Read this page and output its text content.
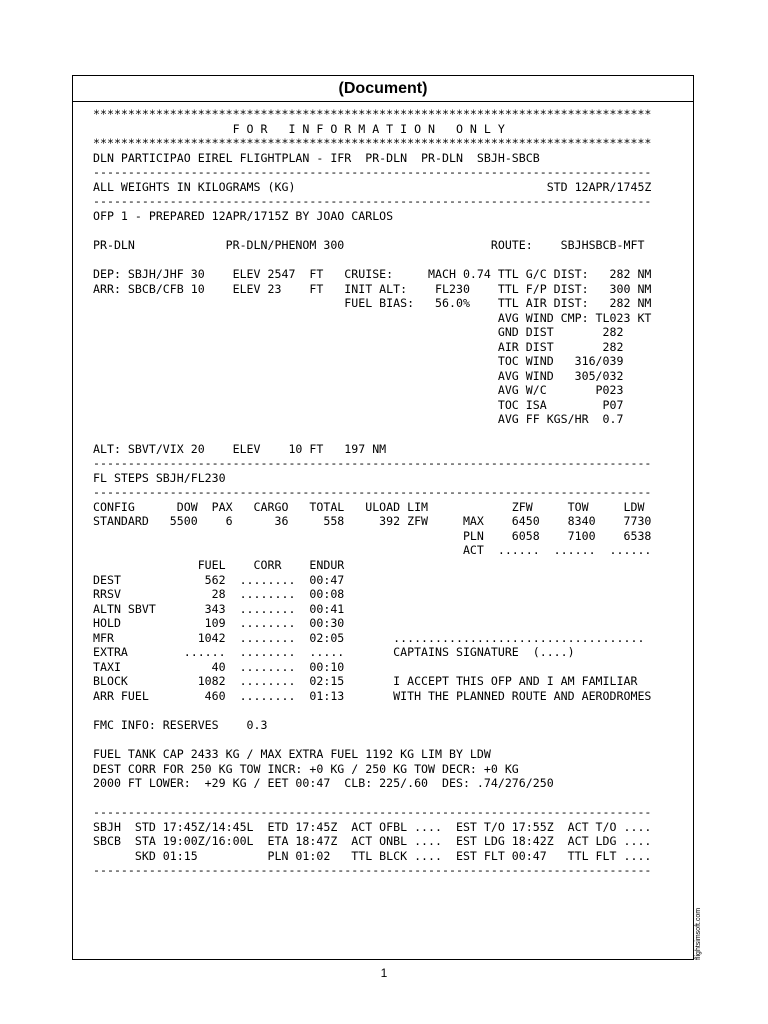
(Document)
********************************************************************************
F O R   I N F O R M A T I O N   O N L Y
********************************************************************************
DLN PARTICIPAO EIREL FLIGHTPLAN - IFR  PR-DLN  PR-DLN  SBJH-SBCB
--------------------------------------------------------------------------------
ALL WEIGHTS IN KILOGRAMS (KG)                                    STD 12APR/1745Z
--------------------------------------------------------------------------------
OFP 1 - PREPARED 12APR/1715Z BY JOAO CARLOS
PR-DLN             PR-DLN/PHENOM 300                     ROUTE:    SBJHSBCB-MFT
DEP: SBJH/JHF 30    ELEV 2547  FT   CRUISE:     MACH 0.74 TTL G/C DIST:   282 NM
ARR: SBCB/CFB 10    ELEV 23    FT   INIT ALT:    FL230    TTL F/P DIST:   300 NM
FUEL BIAS:   56.0%    TTL AIR DIST:   282 NM
AVG WIND CMP: TL023 KT
GND DIST       282
AIR DIST       282
TOC WIND   316/039
AVG WIND   305/032
AVG W/C       P023
TOC ISA        P07
AVG FF KGS/HR  0.7
ALT: SBVT/VIX 20    ELEV    10 FT   197 NM
--------------------------------------------------------------------------------
FL STEPS SBJH/FL230
--------------------------------------------------------------------------------
CONFIG      DOW  PAX   CARGO   TOTAL   ULOAD LIM            ZFW     TOW     LDW
STANDARD   5500    6      36     558     392 ZFW     MAX    6450    8340    7730
PLN    6058    7100    6538
ACT  ......  ......  ......
FUEL    CORR    ENDUR
DEST            562  ........  00:47
RRSV             28  ........  00:08
ALTN SBVT       343  ........  00:41
HOLD            109  ........  00:30
MFR            1042  ........  02:05       ....................................
EXTRA        ......  ........  .....       CAPTAINS SIGNATURE  (....)
TAXI             40  ........  00:10
BLOCK          1082  ........  02:15       I ACCEPT THIS OFP AND I AM FAMILIAR
ARR FUEL        460  ........  01:13       WITH THE PLANNED ROUTE AND AERODROMES
FMC INFO: RESERVES    0.3
FUEL TANK CAP 2433 KG / MAX EXTRA FUEL 1192 KG LIM BY LDW
DEST CORR FOR 250 KG TOW INCR: +0 KG / 250 KG TOW DECR: +0 KG
2000 FT LOWER:  +29 KG / EET 00:47  CLB: 225/.60  DES: .74/276/250
--------------------------------------------------------------------------------
SBJH  STD 17:45Z/14:45L  ETD 17:45Z  ACT OFBL ....  EST T/O 17:55Z  ACT T/O ....
SBCB  STA 19:00Z/16:00L  ETA 18:47Z  ACT ONBL ....  EST LDG 18:42Z  ACT LDG ....
SKD 01:15          PLN 01:02   TTL BLCK ....  EST FLT 00:47   TTL FLT ....
--------------------------------------------------------------------------------
flightsimsoft.com
1
